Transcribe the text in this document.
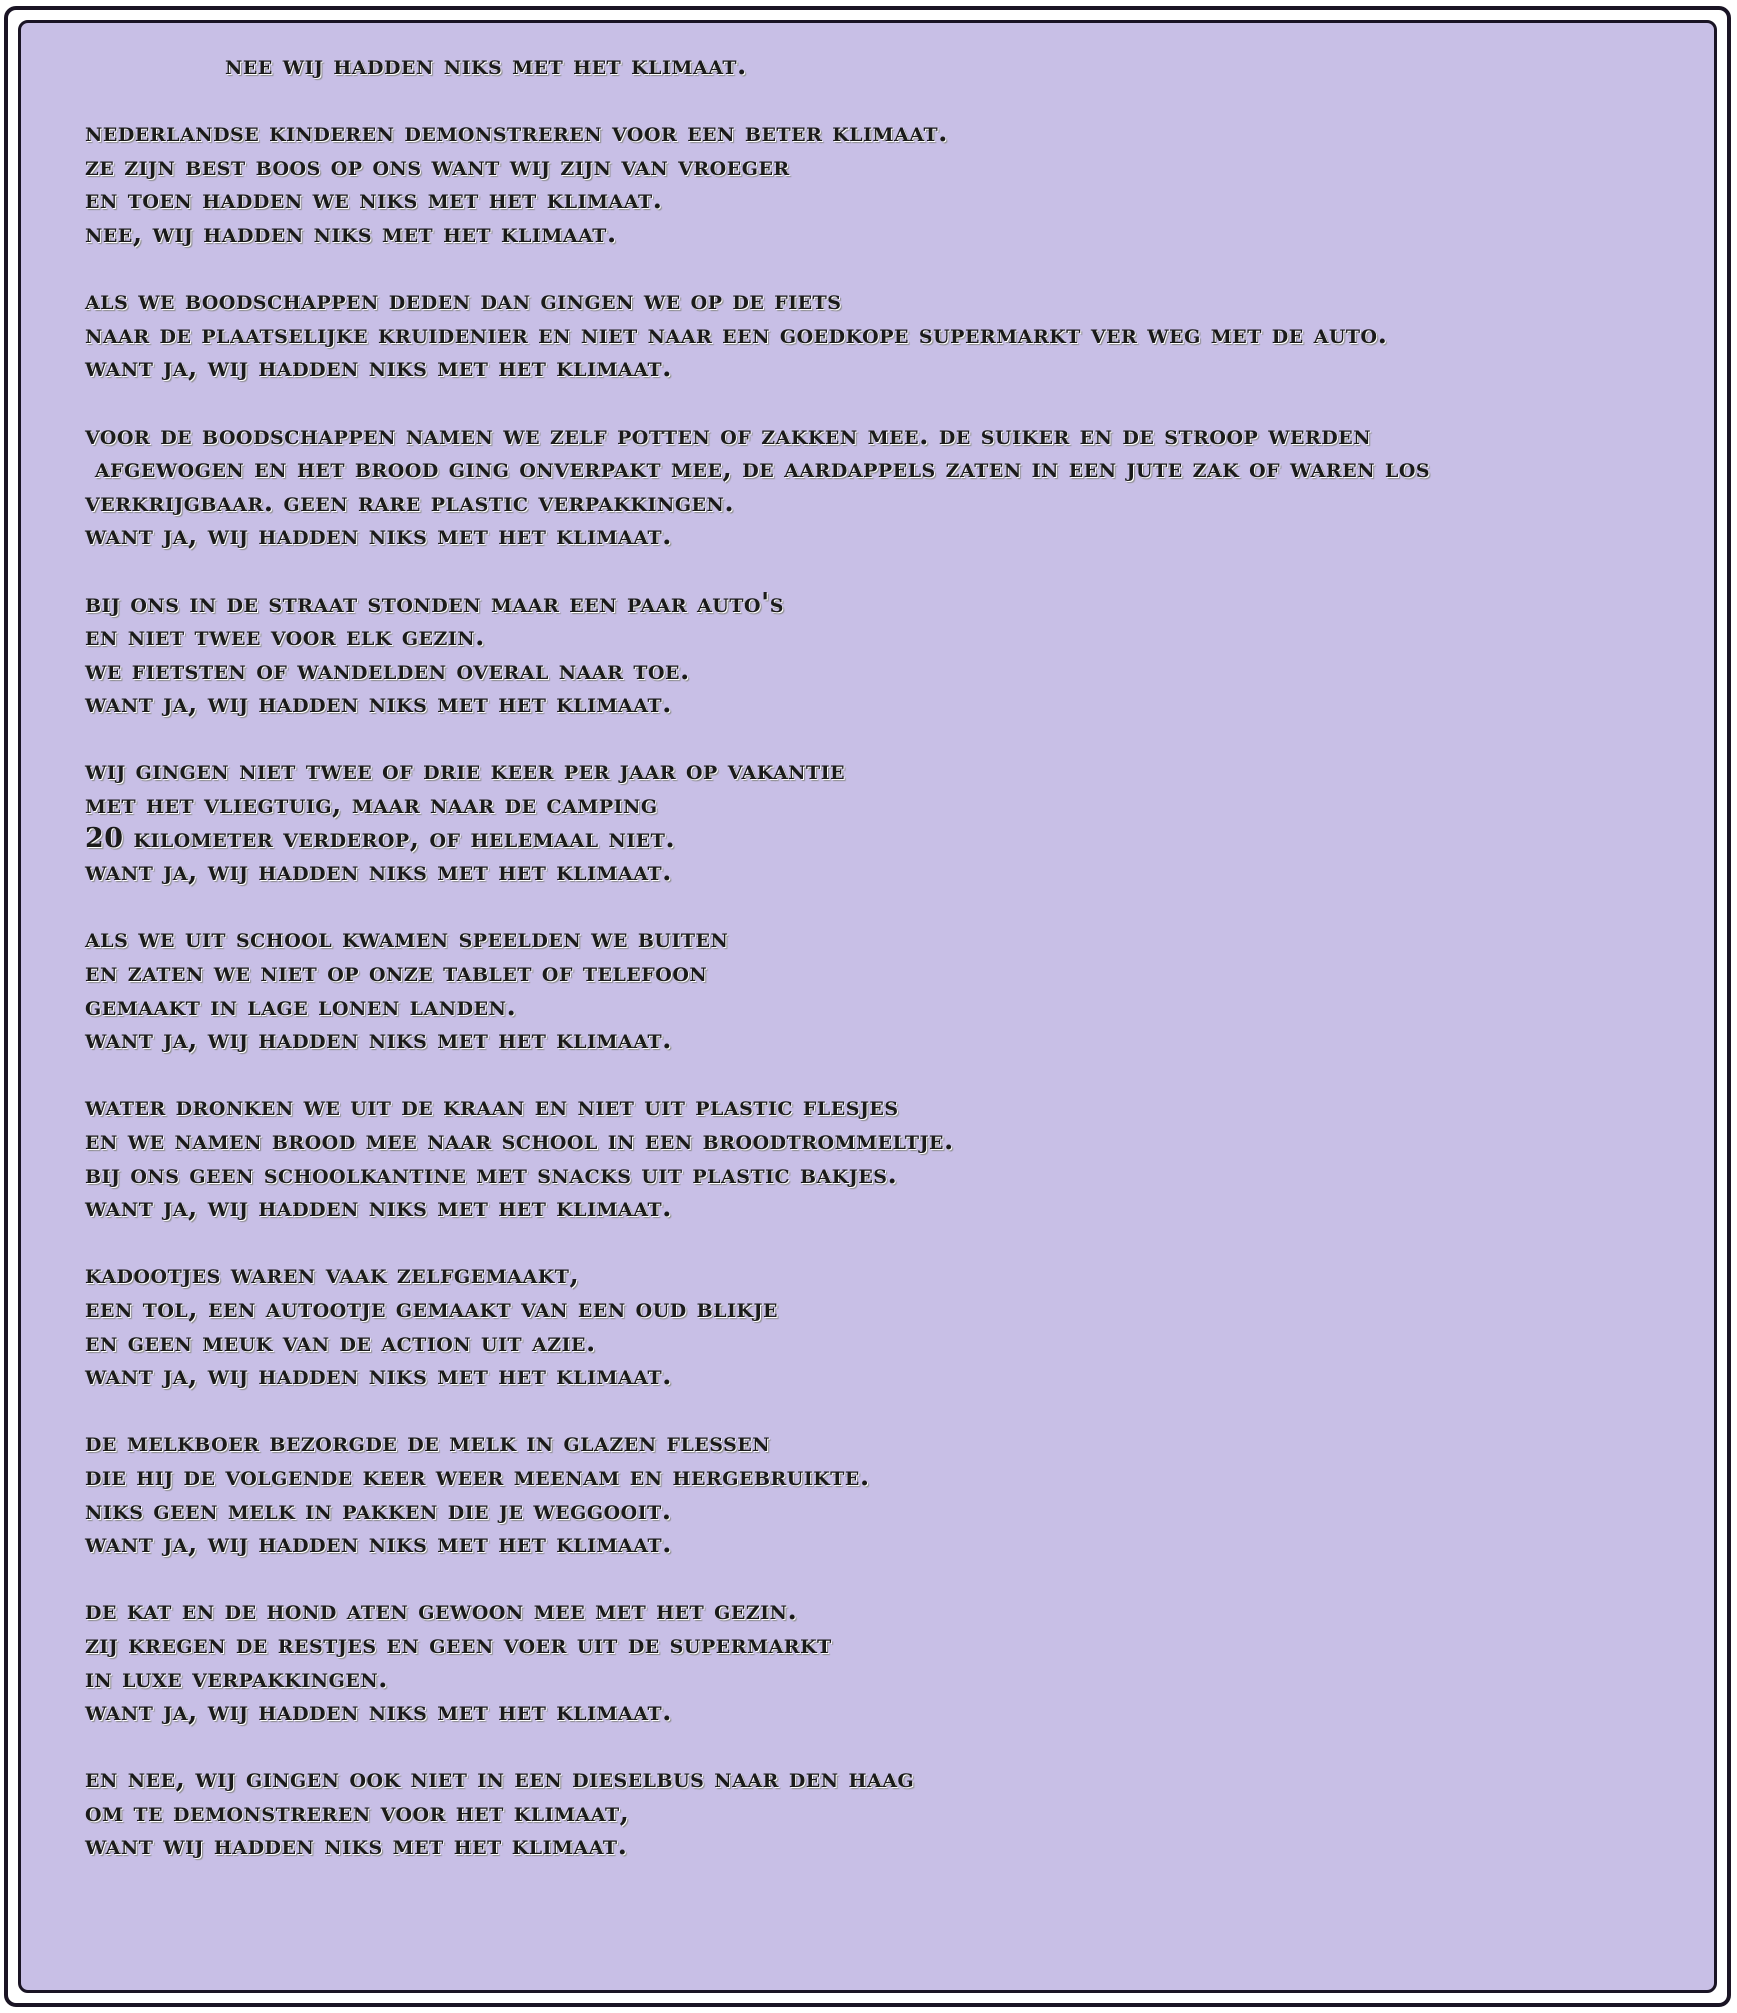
nee wij hadden niks met het klimaat.
nederlandse kinderen demonstreren voor een beter klimaat.
ze zijn best boos op ons want wij zijn van vroeger
en toen hadden we niks met het klimaat.
nee, wij hadden niks met het klimaat.
als we boodschappen deden dan gingen we op de fiets
naar de plaatselijke kruidenier en niet naar een goedkope supermarkt ver weg met de auto.
want ja, wij hadden niks met het klimaat.
voor de boodschappen namen we zelf potten of zakken mee. de suiker en de stroop werden
afgewogen en het brood ging onverpakt mee, de aardappels zaten in een jute zak of waren los
verkrijgbaar. geen rare plastic verpakkingen.
want ja, wij hadden niks met het klimaat.
bij ons in de straat stonden maar een paar auto's
en niet twee voor elk gezin.
we fietsten of wandelden overal naar toe.
want ja, wij hadden niks met het klimaat.
wij gingen niet twee of drie keer per jaar op vakantie
met het vliegtuig, maar naar de camping
20 kilometer verderop, of helemaal niet.
want ja, wij hadden niks met het klimaat.
als we uit school kwamen speelden we buiten
en zaten we niet op onze tablet of telefoon
gemaakt in lage lonen landen.
want ja, wij hadden niks met het klimaat.
water dronken we uit de kraan en niet uit plastic flesjes
en we namen brood mee naar school in een broodtrommeltje.
bij ons geen schoolkantine met snacks uit plastic bakjes.
want ja, wij hadden niks met het klimaat.
kadootjes waren vaak zelfgemaakt,
een tol, een autootje gemaakt van een oud blikje
en geen meuk van de action uit azie.
want ja, wij hadden niks met het klimaat.
de melkboer bezorgde de melk in glazen flessen
die hij de volgende keer weer meenam en hergebruikte.
niks geen melk in pakken die je weggooit.
want ja, wij hadden niks met het klimaat.
de kat en de hond aten gewoon mee met het gezin.
zij kregen de restjes en geen voer uit de supermarkt
in luxe verpakkingen.
want ja, wij hadden niks met het klimaat.
en nee, wij gingen ook niet in een dieselbus naar den haag
om te demonstreren voor het klimaat,
want wij hadden niks met het klimaat.
